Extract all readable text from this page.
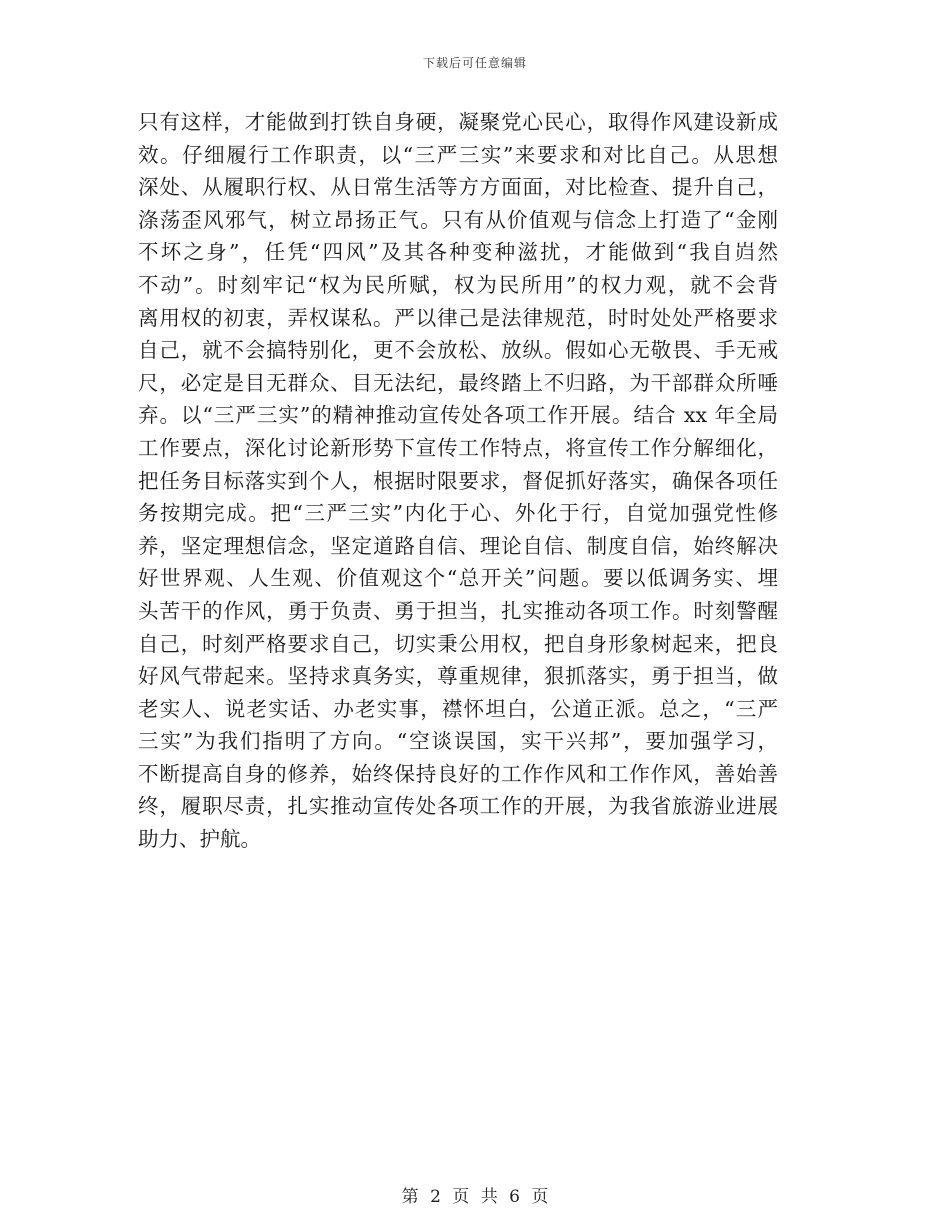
下载后可任意编辑
只有这样，才能做到打铁自身硬，凝聚党心民心，取得作风建设新成
效。仔细履行工作职责，以“三严三实”来要求和对比自己。从思想
深处、从履职行权、从日常生活等方方面面，对比检查、提升自己，
涤荡歪风邪气，树立昂扬正气。只有从价值观与信念上打造了“金刚
不坏之身”，任凭“四风”及其各种变种滋扰，才能做到“我自岿然
不动”。时刻牢记“权为民所赋，权为民所用”的权力观，就不会背
离用权的初衷，弄权谋私。严以律己是法律规范，时时处处严格要求
自己，就不会搞特别化，更不会放松、放纵。假如心无敬畏、手无戒
尺，必定是目无群众、目无法纪，最终踏上不归路，为干部群众所唾
弃。以“三严三实”的精神推动宣传处各项工作开展。结合 xx 年全局
工作要点，深化讨论新形势下宣传工作特点，将宣传工作分解细化，
把任务目标落实到个人，根据时限要求，督促抓好落实，确保各项任
务按期完成。把“三严三实”内化于心、外化于行，自觉加强党性修
养，坚定理想信念，坚定道路自信、理论自信、制度自信，始终解决
好世界观、人生观、价值观这个“总开关”问题。要以低调务实、埋
头苦干的作风，勇于负责、勇于担当，扎实推动各项工作。时刻警醒
自己，时刻严格要求自己，切实秉公用权，把自身形象树起来，把良
好风气带起来。坚持求真务实，尊重规律，狠抓落实，勇于担当，做
老实人、说老实话、办老实事，襟怀坦白，公道正派。总之，“三严
三实”为我们指明了方向。“空谈误国，实干兴邦”，要加强学习，
不断提高自身的修养，始终保持良好的工作作风和工作作风，善始善
终，履职尽责，扎实推动宣传处各项工作的开展，为我省旅游业进展
助力、护航。
第 2 页 共 6 页
